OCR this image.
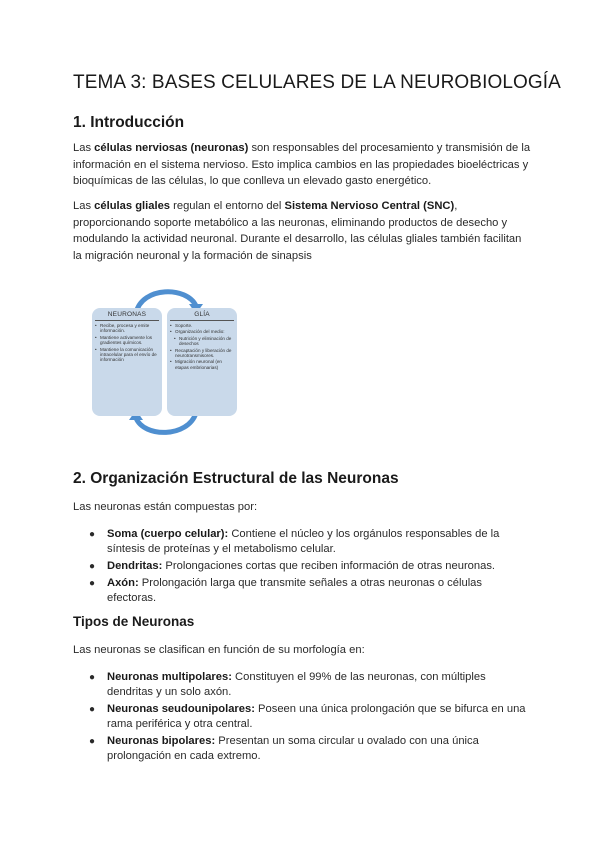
TEMA 3: BASES CELULARES DE LA NEUROBIOLOGÍA
1. Introducción

Las células nerviosas (neuronas) son responsables del procesamiento y transmisión de la información en el sistema nervioso. Esto implica cambios en las propiedades bioeléctricas y bioquímicas de las células, lo que conlleva un elevado gasto energético.

Las células gliales regulan el entorno del Sistema Nervioso Central (SNC), proporcionando soporte metabólico a las neuronas, eliminando productos de desecho y modulando la actividad neuronal. Durante el desarrollo, las células gliales también facilitan la migración neuronal y la formación de sinapsis

NEURONAS
• Recibe, procesa y emite información.
• Mantiene activamente los gradientes químicos.
• Mantiene la comunicación intracelular para el envío de información
GLÍA
• Soporte.
• Organización del medio:
• Nutrición y eliminación de desechos
• Recaptación y liberación de neurotransmisores.
• Migración neuronal (en etapas embrionarias)
2. Organización Estructural de las Neuronas

Las neuronas están compuestas por:

● Soma (cuerpo celular): Contiene el núcleo y los orgánulos responsables de la síntesis de proteínas y el metabolismo celular.
● Dendritas: Prolongaciones cortas que reciben información de otras neuronas.
● Axón: Prolongación larga que transmite señales a otras neuronas o células efectoras.
Tipos de Neuronas

Las neuronas se clasifican en función de su morfología en:

● Neuronas multipolares: Constituyen el 99% de las neuronas, con múltiples dendritas y un solo axón.
● Neuronas seudounipolares: Poseen una única prolongación que se bifurca en una rama periférica y otra central.
● Neuronas bipolares: Presentan un soma circular u ovalado con una única prolongación en cada extremo.
